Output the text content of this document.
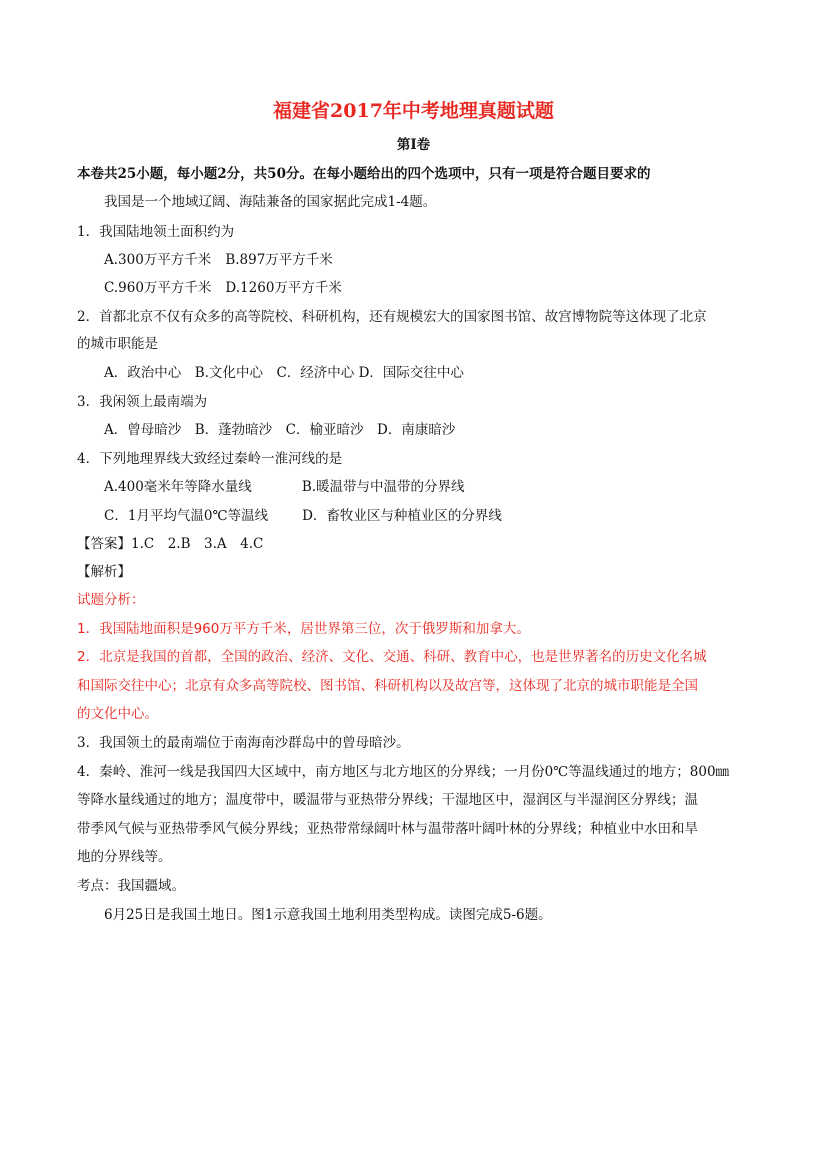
福建省2017年中考地理真题试题
第Ⅰ卷
本卷共25小题，每小题2分，共50分。在每小题给出的四个选项中，只有一项是符合题目要求的
我国是一个地域辽阔、海陆兼备的国家据此完成1-4题。
1．我国陆地领土面积约为
A.300万平方千米 B.897万平方千米
C.960万平方千米 D.1260万平方千米
2．首都北京不仅有众多的高等院校、科研机构，还有规模宏大的国家图书馆、故宫博物院等这体现了北京
的城市职能是
A．政治中心　B.文化中心　C．经济中心 D．国际交往中心
3．我闲领上最南端为
A．曾母暗沙　B．蓬勃暗沙　C．榆亚暗沙　D．南康暗沙
4．下列地理界线大致经过秦岭一淮河线的是
A.400毫米年等降水量线	B.暖温带与中温带的分界线
C．1月平均气温0℃等温线	D．畜牧业区与种植业区的分界线
【答案】1.C　2.B　3.A　4.C
【解析】
试题分析：
1．我国陆地面积是960万平方千米，居世界第三位，次于俄罗斯和加拿大。
2．北京是我国的首都，全国的政治、经济、文化、交通、科研、教育中心，也是世界著名的历史文化名城
和国际交往中心；北京有众多高等院校、图书馆、科研机构以及故宫等，这体现了北京的城市职能是全国
的文化中心。
3．我国领土的最南端位于南海南沙群岛中的曾母暗沙。
4．秦岭、淮河一线是我国四大区域中，南方地区与北方地区的分界线；一月份0℃等温线通过的地方；800㎜
等降水量线通过的地方；温度带中，暖温带与亚热带分界线；干湿地区中，湿润区与半湿润区分界线；温
带季风气候与亚热带季风气候分界线；亚热带常绿阔叶林与温带落叶阔叶林的分界线；种植业中水田和旱
地的分界线等。
考点：我国疆域。
6月25日是我国土地日。图1示意我国土地利用类型构成。读图完成5-6题。
